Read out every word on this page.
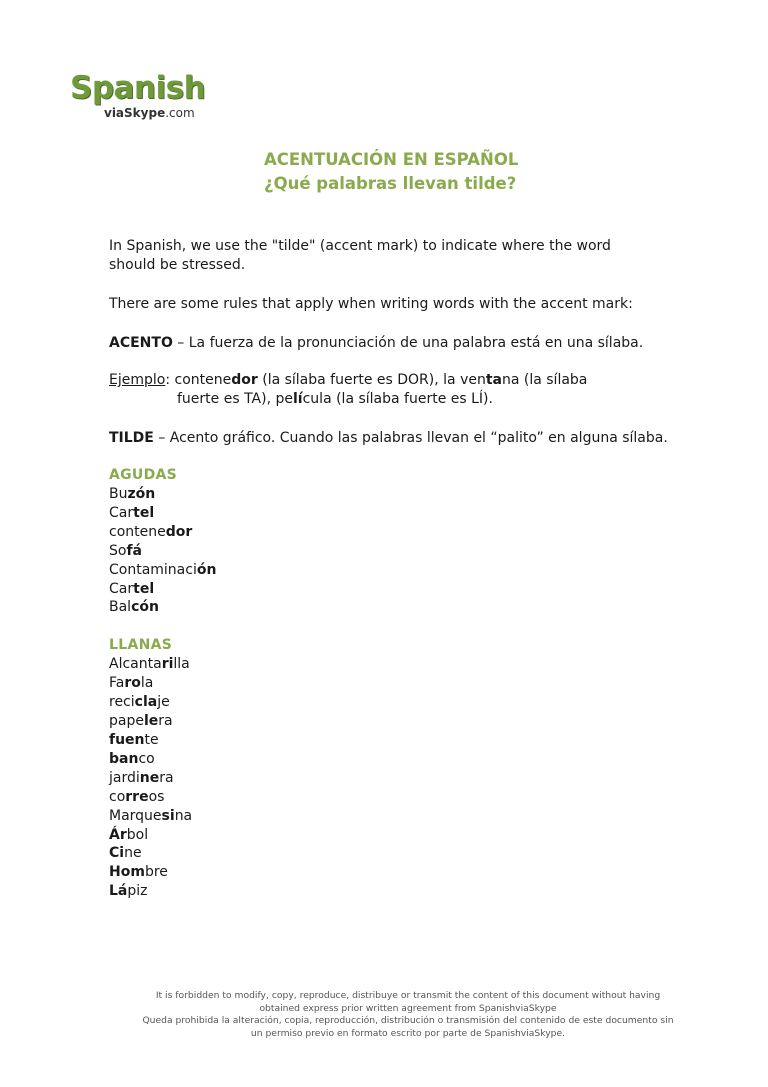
Spanish
viaSkype.com
ACENTUACIÓN EN ESPAÑOL
¿Qué palabras llevan tilde?

In Spanish, we use the "tilde" (accent mark) to indicate where the word
should be stressed.

There are some rules that apply when writing words with the accent mark:

ACENTO – La fuerza de la pronunciación de una palabra está en una sílaba.

Ejemplo: contenedor (la sílaba fuerte es DOR), la ventana (la sílaba
fuerte es TA), película (la sílaba fuerte es LÍ).

TILDE – Acento gráfico. Cuando las palabras llevan el “palito” en alguna sílaba.

AGUDAS
Buzón
Cartel
contenedor
Sofá
Contaminación
Cartel
Balcón
LLANAS
Alcantarilla
Farola
reciclaje
papelera
fuente
banco
jardinera
correos
Marquesina
Árbol
Cine
Hombre
Lápiz

It is forbidden to modify, copy, reproduce, distribuye or transmit the content of this document without having

obtained express prior written agreement from SpanishviaSkype

Queda prohibida la alteración, copia, reproducción, distribución o transmisión del contenido de este documento sin

un permiso previo en formato escrito por parte de SpanishviaSkype.
